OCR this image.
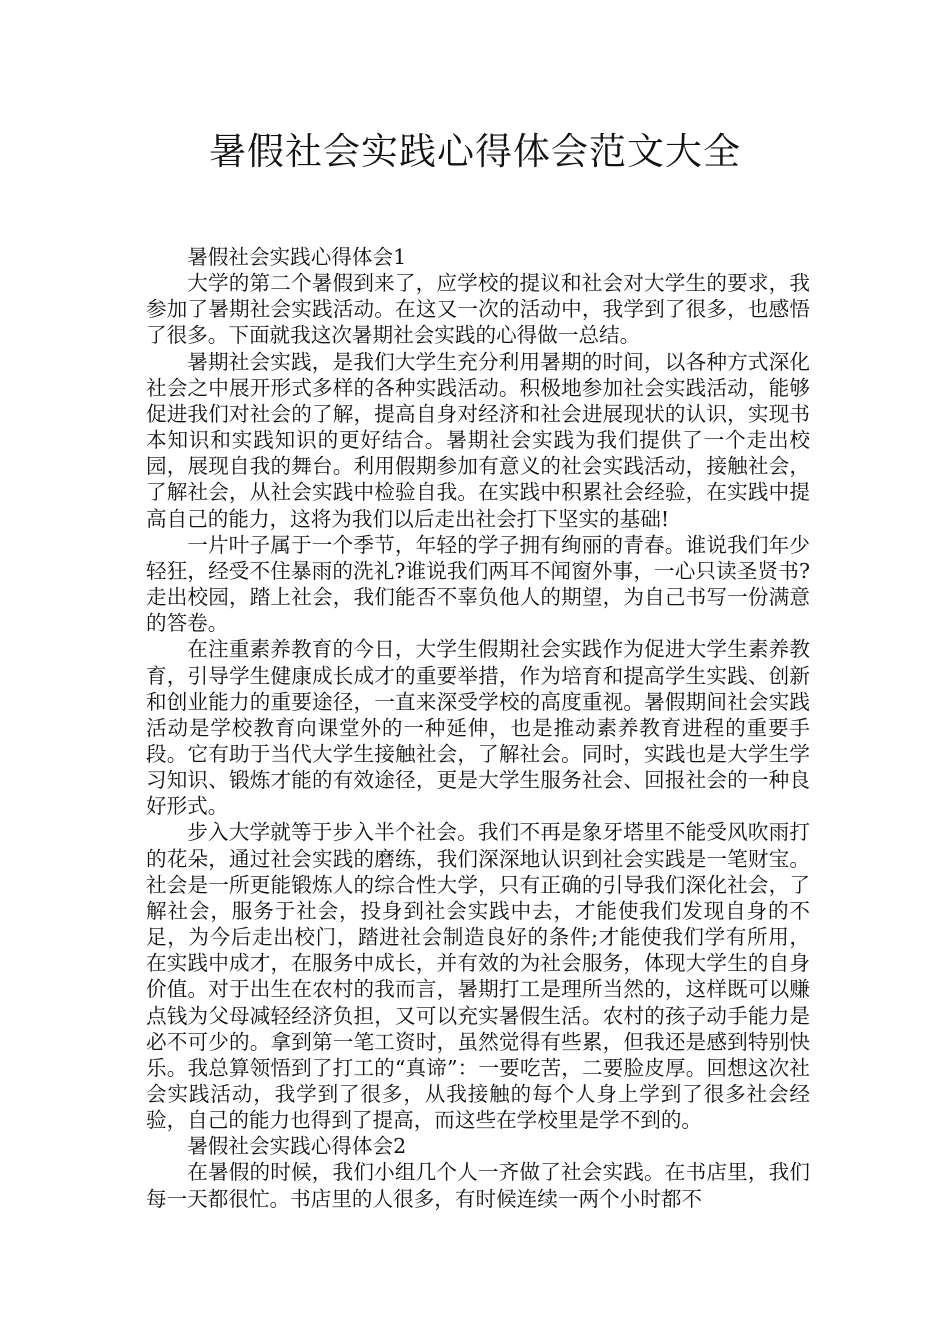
暑假社会实践心得体会范文大全

暑假社会实践心得体会1

大学的第二个暑假到来了，应学校的提议和社会对大学生的要求，我参加了暑期社会实践活动。在这又一次的活动中，我学到了很多，也感悟了很多。下面就我这次暑期社会实践的心得做一总结。

暑期社会实践，是我们大学生充分利用暑期的时间，以各种方式深化社会之中展开形式多样的各种实践活动。积极地参加社会实践活动，能够促进我们对社会的了解，提高自身对经济和社会进展现状的认识，实现书本知识和实践知识的更好结合。暑期社会实践为我们提供了一个走出校园，展现自我的舞台。利用假期参加有意义的社会实践活动，接触社会，了解社会，从社会实践中检验自我。在实践中积累社会经验，在实践中提高自己的能力，这将为我们以后走出社会打下坚实的基础!

一片叶子属于一个季节，年轻的学子拥有绚丽的青春。谁说我们年少轻狂，经受不住暴雨的洗礼?谁说我们两耳不闻窗外事，一心只读圣贤书?走出校园，踏上社会，我们能否不辜负他人的期望，为自己书写一份满意的答卷。

在注重素养教育的今日，大学生假期社会实践作为促进大学生素养教育，引导学生健康成长成才的重要举措，作为培育和提高学生实践、创新和创业能力的重要途径，一直来深受学校的高度重视。暑假期间社会实践活动是学校教育向课堂外的一种延伸，也是推动素养教育进程的重要手段。它有助于当代大学生接触社会，了解社会。同时，实践也是大学生学习知识、锻炼才能的有效途径，更是大学生服务社会、回报社会的一种良好形式。

步入大学就等于步入半个社会。我们不再是象牙塔里不能受风吹雨打的花朵，通过社会实践的磨练，我们深深地认识到社会实践是一笔财宝。社会是一所更能锻炼人的综合性大学，只有正确的引导我们深化社会，了解社会，服务于社会，投身到社会实践中去，才能使我们发现自身的不足，为今后走出校门，踏进社会制造良好的条件;才能使我们学有所用，在实践中成才，在服务中成长，并有效的为社会服务，体现大学生的自身价值。对于出生在农村的我而言，暑期打工是理所当然的，这样既可以赚点钱为父母减轻经济负担，又可以充实暑假生活。农村的孩子动手能力是必不可少的。拿到第一笔工资时，虽然觉得有些累，但我还是感到特别快乐。我总算领悟到了打工的“真谛”：一要吃苦，二要脸皮厚。回想这次社会实践活动，我学到了很多，从我接触的每个人身上学到了很多社会经验，自己的能力也得到了提高，而这些在学校里是学不到的。

暑假社会实践心得体会2

在暑假的时候，我们小组几个人一齐做了社会实践。在书店里，我们每一天都很忙。书店里的人很多，有时候连续一两个小时都不
